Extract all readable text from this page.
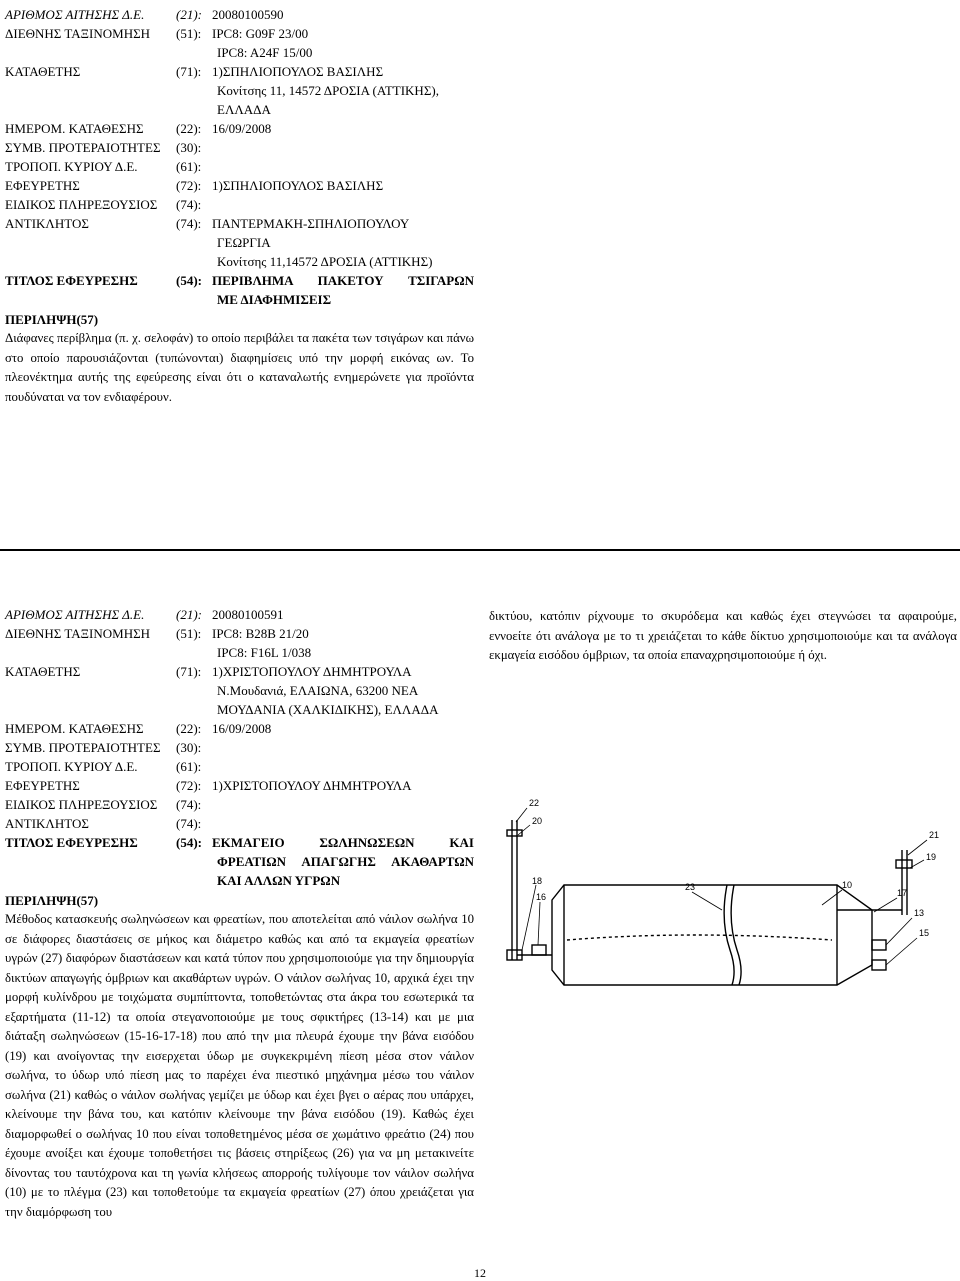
ΑΡΙΘΜΟΣ ΑΙΤΗΣΗΣ Δ.Ε.	(21): 20080100590
ΔΙΕΘΝΗΣ ΤΑΞΙΝΟΜΗΣΗ	(51): IPC8: G09F 23/00
IPC8: A24F 15/00
ΚΑΤΑΘΕΤΗΣ	(71): 1)ΣΠΗΛΙΟΠΟΥΛΟΣ ΒΑΣΙΛΗΣ
Κονίτσης 11, 14572 ΔΡΟΣΙΑ (ΑΤΤΙΚΗΣ),
ΕΛΛΑΔΑ
ΗΜΕΡΟΜ. ΚΑΤΑΘΕΣΗΣ	(22): 16/09/2008
ΣΥΜΒ. ΠΡΟΤΕΡΑΙΟΤΗΤΕΣ	(30):
ΤΡΟΠΟΠ. ΚΥΡΙΟΥ Δ.Ε.	(61):
ΕΦΕΥΡΕΤΗΣ	(72): 1)ΣΠΗΛΙΟΠΟΥΛΟΣ ΒΑΣΙΛΗΣ
ΕΙΔΙΚΟΣ ΠΛΗΡΕΞΟΥΣΙΟΣ	(74):
ΑΝΤΙΚΛΗΤΟΣ	(74): ΠΑΝΤΕΡΜΑΚΗ-ΣΠΗΛΙΟΠΟΥΛΟΥ
ΓΕΩΡΓΙΑ
Κονίτσης 11,14572 ΔΡΟΣΙΑ (ΑΤΤΙΚΗΣ)
ΤΙΤΛΟΣ ΕΦΕΥΡΕΣΗΣ	(54): ΠΕΡΙΒΛΗΜΑ ΠΑΚΕΤΟΥ ΤΣΙΓΑΡΩΝ
ΜΕ ΔΙΑΦΗΜΙΣΕΙΣ
ΠΕΡΙΛΗΨΗ(57)
Διάφανες περίβλημα (π. χ. σελοφάν) το οποίο περιβάλει τα πακέτα των τσιγάρων και πάνω στο οποίο παρουσιάζονται (τυπώνονται) διαφημίσεις υπό την μορφή εικόνας ων. Το πλεονέκτημα αυτής της εφεύρεσης είναι ότι ο καταναλωτής ενημερώνετε για προϊόντα πουδύναται να τον ενδιαφέρουν.
ΑΡΙΘΜΟΣ ΑΙΤΗΣΗΣ Δ.Ε.	(21): 20080100591
ΔΙΕΘΝΗΣ ΤΑΞΙΝΟΜΗΣΗ	(51): IPC8: B28B 21/20
IPC8: F16L 1/038
ΚΑΤΑΘΕΤΗΣ	(71): 1)ΧΡΙΣΤΟΠΟΥΛΟΥ ΔΗΜΗΤΡΟΥΛΑ
Ν.Μουδανιά, ΕΛΑΙΩΝΑ, 63200 ΝΕΑ
ΜΟΥΔΑΝΙΑ (ΧΑΛΚΙΔΙΚΗΣ), ΕΛΛΑΔΑ
ΗΜΕΡΟΜ. ΚΑΤΑΘΕΣΗΣ	(22): 16/09/2008
ΣΥΜΒ. ΠΡΟΤΕΡΑΙΟΤΗΤΕΣ	(30):
ΤΡΟΠΟΠ. ΚΥΡΙΟΥ Δ.Ε.	(61):
ΕΦΕΥΡΕΤΗΣ	(72): 1)ΧΡΙΣΤΟΠΟΥΛΟΥ ΔΗΜΗΤΡΟΥΛΑ
ΕΙΔΙΚΟΣ ΠΛΗΡΕΞΟΥΣΙΟΣ	(74):
ΑΝΤΙΚΛΗΤΟΣ	(74):
ΤΙΤΛΟΣ ΕΦΕΥΡΕΣΗΣ	(54): ΕΚΜΑΓΕΙΟ ΣΩΛΗΝΩΣΕΩΝ ΚΑΙ
ΦΡΕΑΤΙΩΝ ΑΠΑΓΩΓΗΣ ΑΚΑΘΑΡΤΩΝ
ΚΑΙ ΑΛΛΩΝ ΥΓΡΩΝ
ΠΕΡΙΛΗΨΗ(57)
Μέθοδος κατασκευής σωληνώσεων και φρεατίων, που αποτελείται από νάιλον σωλήνα 10 σε διάφορες διαστάσεις σε μήκος και διάμετρο καθώς και από τα εκμαγεία φρεατίων υγρών (27) διαφόρων διαστάσεων και κατά τύπον που χρησιμοποιούμε για την δημιουργία δικτύων απαγωγής όμβριων και ακαθάρτων υγρών. Ο νάιλον σωλήνας 10, αρχικά έχει την μορφή κυλίνδρου με τοιχώματα συμπίπτοντα, τοποθετώντας στα άκρα του εσωτερικά τα εξαρτήματα (11-12) τα οποία στεγανοποιούμε με τους σφικτήρες (13-14) και με μια διάταξη σωληνώσεων (15-16-17-18) που από την μια πλευρά έχουμε την βάνα εισόδου (19) και ανοίγοντας την εισερχεται ύδωρ με συγκεκριμένη πίεση μέσα στον νάιλον σωλήνα, το ύδωρ υπό πίεση μας το παρέχει ένα πιεστικό μηχάνημα μέσω του νάιλον σωλήνα (21) καθώς ο νάιλον σωλήνας γεμίζει με ύδωρ και έχει βγει ο αέρας που υπάρχει, κλείνουμε την βάνα του, και κατόπιν κλείνουμε την βάνα εισόδου (19). Καθώς έχει διαμορφωθεί ο σωλήνας 10 που είναι τοποθετημένος μέσα σε χωμάτινο φρεάτιο (24) που έχουμε ανοίξει και έχουμε τοποθετήσει τις βάσεις στηρίξεως (26) για να μη μετακινείτε δίνοντας του ταυτόχρονα και τη γωνία κλήσεως απορροής τυλίγουμε τον νάιλον σωλήνα (10) με το πλέγμα (23) και τοποθετούμε τα εκμαγεία φρεατίων (27) όπου χρειάζεται για την διαμόρφωση του
δικτύου, κατόπιν ρίχνουμε το σκυρόδεμα και καθώς έχει στεγνώσει τα αφαιρούμε, εννοείτε ότι ανάλογα με το τι χρειάζεται το κάθε δίκτυο χρησιμοποιούμε και τα ανάλογα εκμαγεία εισόδου όμβριων, τα οποία επαναχρησιμοποιούμε ή όχι.
22
20
21
19
18
16
23	10
17
13
15
12
